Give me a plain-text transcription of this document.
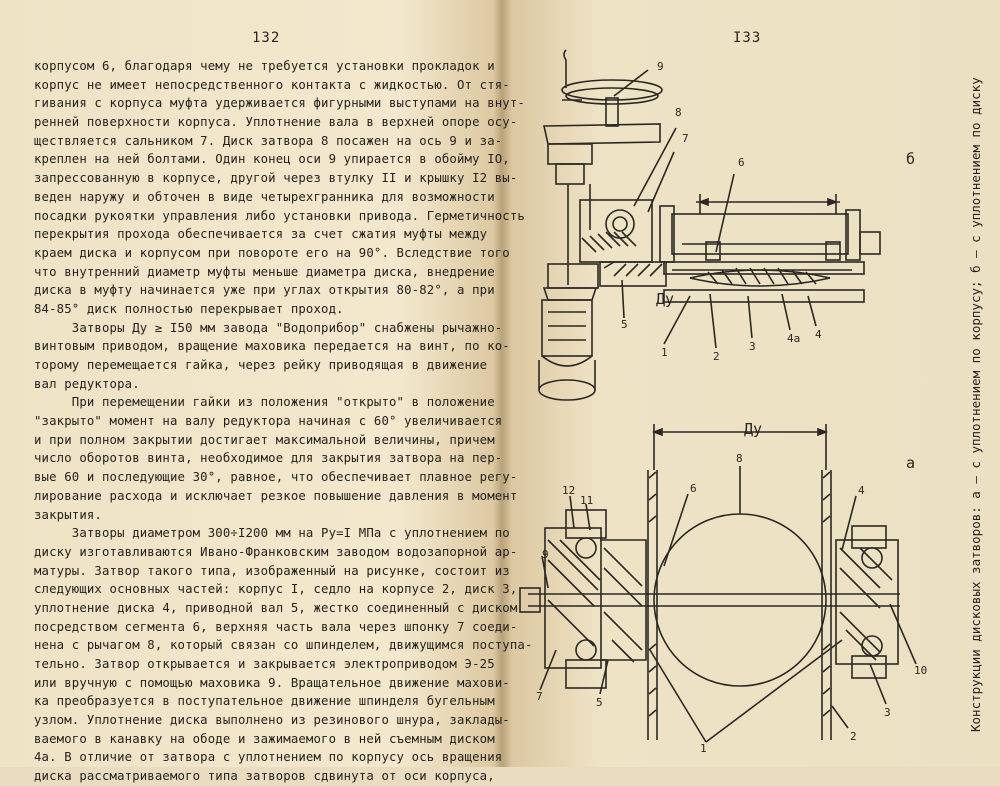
132
корпусом 6, благодаря чему не требуется установки прокладок и
корпус не имеет непосредственного контакта с жидкостью. От стя-
гивания с корпуса муфта удерживается фигурными выступами на внут-
ренней поверхности корпуса. Уплотнение вала в верхней опоре осу-
ществляется сальником 7. Диск затвора 8 посажен на ось 9 и за-
креплен на ней болтами. Один конец оси 9 упирается в обойму IO,
запрессованную в корпусе, другой через втулку II и крышку I2 вы-
веден наружу и обточен в виде четырехгранника для возможности
посадки рукоятки управления либо установки привода. Герметичность
перекрытия прохода обеспечивается за счет сжатия муфты между
краем диска и корпусом при повороте его на 90°. Вследствие того
что внутренний диаметр муфты меньше диаметра диска, внедрение
диска в муфту начинается уже при углах открытия 80-82°, а при
84-85° диск полностью перекрывает проход.
Затворы Ду ≥ I50 мм завода "Водоприбор" снабжены рычажно-
винтовым приводом, вращение маховика передается на винт, по ко-
торому перемещается гайка, через рейку приводящая в движение
вал редуктора.
При перемещении гайки из положения "открыто" в положение
"закрыто" момент на валу редуктора начиная с 60° увеличивается
и при полном закрытии достигает максимальной величины, причем
число оборотов винта, необходимое для закрытия затвора на пер-
вые 60 и последующие 30°, равное, что обеспечивает плавное регу-
лирование расхода и исключает резкое повышение давления в момент
закрытия.
Затворы диаметром 300÷I200 мм на Ру=I МПа с уплотнением по
диску изготавливаются Ивано-Франковским заводом водозапорной ар-
матуры. Затвор такого типа, изображенный на рисунке, состоит из
следующих основных частей: корпус I, седло на корпусе 2, диск 3,
уплотнение диска 4, приводной вал 5, жестко соединенный с диском
посредством сегмента 6, верхняя часть вала через шпонку 7 соеди-
нена с рычагом 8, который связан со шпинделем, движущимся поступа-
тельно. Затвор открывается и закрывается электроприводом Э-25
или вручную с помощью маховика 9. Вращательное движение махови-
ка преобразуется в поступательное движение шпинделя бугельным
узлом. Уплотнение диска выполнено из резинового шнура, заклады-
ваемого в канавку на ободе и зажимаемого в ней съемным диском
4а. В отличие от затвора с уплотнением по корпусу ось вращения
диска рассматриваемого типа затворов сдвинута от оси корпуса,
I33
9
8
7
6
5
1	2
3
4а 4
12
11
6
8
4
9
7	5
1
2
3
10
Ду
Ду
б
а	Конструкции дисковых затворов: а – с уплотнением по корпусу; б – с уплотнением по диску
